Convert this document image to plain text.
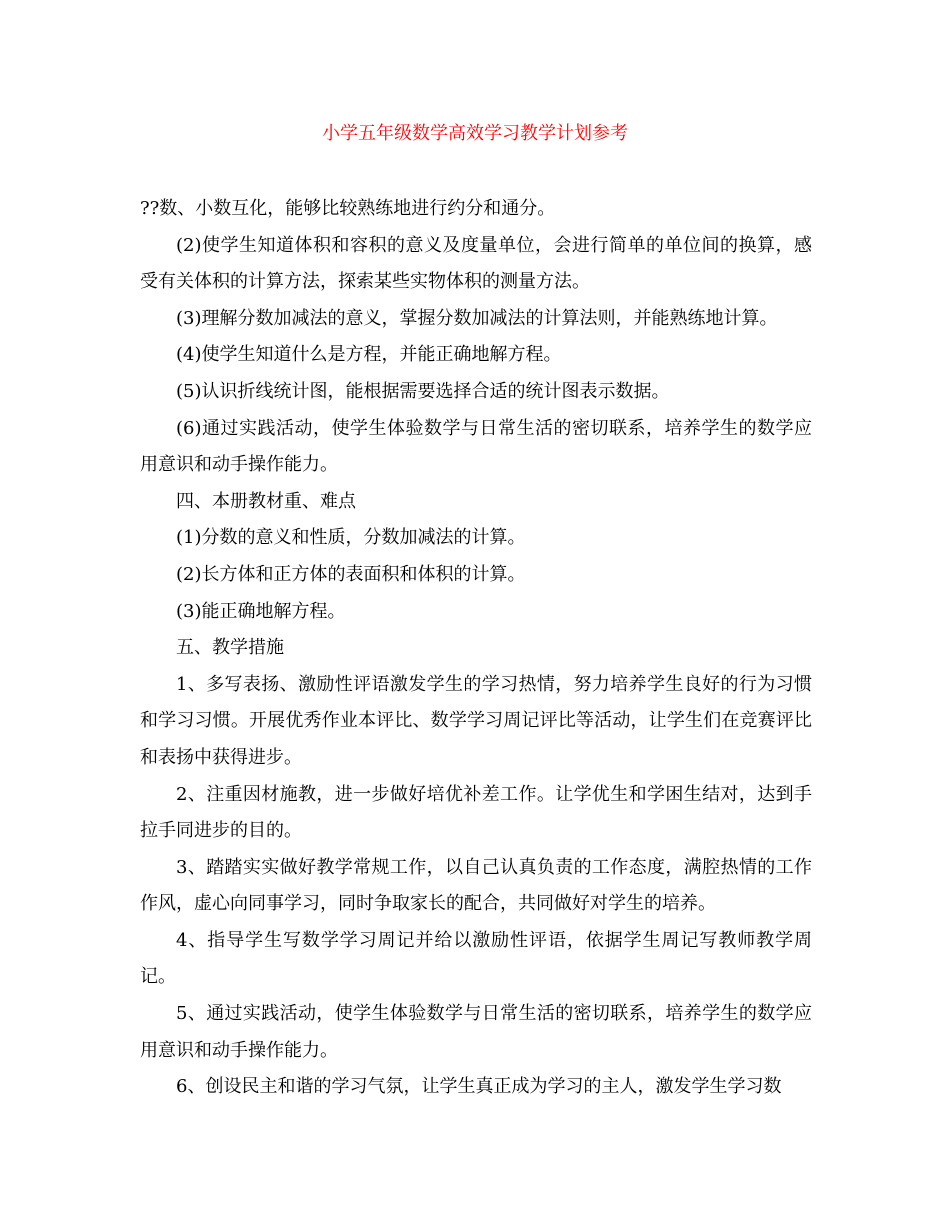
小学五年级数学高效学习教学计划参考

??数、小数互化，能够比较熟练地进行约分和通分。

(2)使学生知道体积和容积的意义及度量单位，会进行简单的单位间的换算，感受有关体积的计算方法，探索某些实物体积的测量方法。

(3)理解分数加减法的意义，掌握分数加减法的计算法则，并能熟练地计算。

(4)使学生知道什么是方程，并能正确地解方程。

(5)认识折线统计图，能根据需要选择合适的统计图表示数据。

(6)通过实践活动，使学生体验数学与日常生活的密切联系，培养学生的数学应用意识和动手操作能力。

四、本册教材重、难点

(1)分数的意义和性质，分数加减法的计算。

(2)长方体和正方体的表面积和体积的计算。

(3)能正确地解方程。

五、教学措施

1、多写表扬、激励性评语激发学生的学习热情，努力培养学生良好的行为习惯和学习习惯。开展优秀作业本评比、数学学习周记评比等活动，让学生们在竞赛评比和表扬中获得进步。

2、注重因材施教，进一步做好培优补差工作。让学优生和学困生结对，达到手拉手同进步的目的。

3、踏踏实实做好教学常规工作，以自己认真负责的工作态度，满腔热情的工作作风，虚心向同事学习，同时争取家长的配合，共同做好对学生的培养。

4、指导学生写数学学习周记并给以激励性评语，依据学生周记写教师教学周记。

5、通过实践活动，使学生体验数学与日常生活的密切联系，培养学生的数学应用意识和动手操作能力。

6、创设民主和谐的学习气氛，让学生真正成为学习的主人，激发学生学习数
